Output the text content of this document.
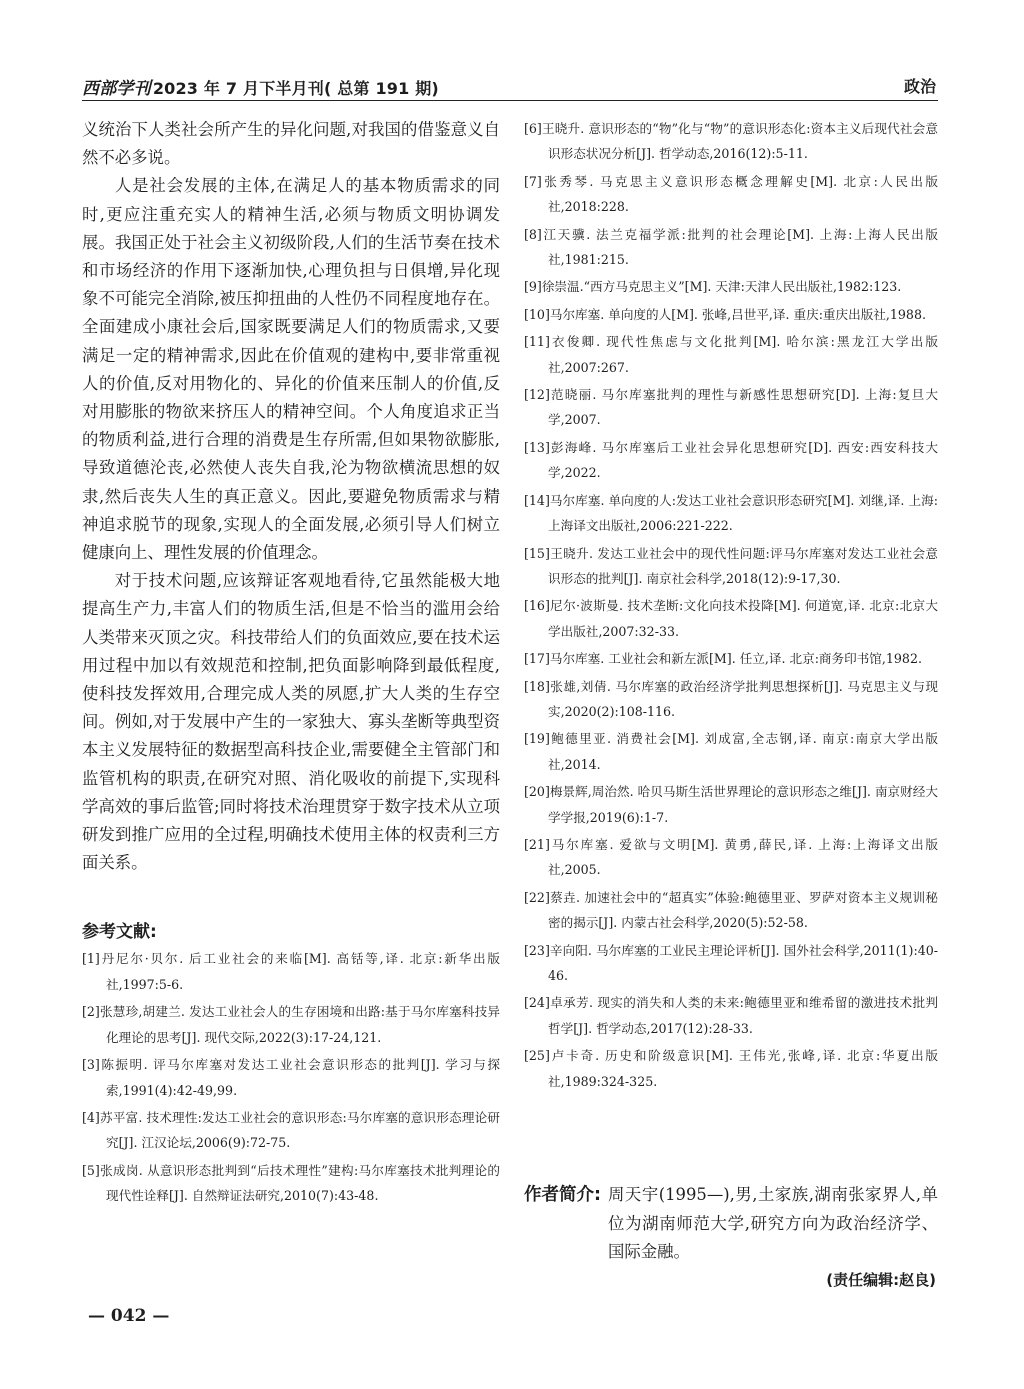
西部学刊 2023 年 7 月下半月刊( 总第 191 期)	政治

义统治下人类社会所产生的异化问题,对我国的借鉴意义自然不必多说。

人是社会发展的主体,在满足人的基本物质需求的同时,更应注重充实人的精神生活,必须与物质文明协调发展。我国正处于社会主义初级阶段,人们的生活节奏在技术和市场经济的作用下逐渐加快,心理负担与日俱增,异化现象不可能完全消除,被压抑扭曲的人性仍不同程度地存在。全面建成小康社会后,国家既要满足人们的物质需求,又要满足一定的精神需求,因此在价值观的建构中,要非常重视人的价值,反对用物化的、异化的价值来压制人的价值,反对用膨胀的物欲来挤压人的精神空间。个人角度追求正当的物质利益,进行合理的消费是生存所需,但如果物欲膨胀,导致道德沦丧,必然使人丧失自我,沦为物欲横流思想的奴隶,然后丧失人生的真正意义。因此,要避免物质需求与精神追求脱节的现象,实现人的全面发展,必须引导人们树立健康向上、理性发展的价值理念。

对于技术问题,应该辩证客观地看待,它虽然能极大地提高生产力,丰富人们的物质生活,但是不恰当的滥用会给人类带来灭顶之灾。科技带给人们的负面效应,要在技术运用过程中加以有效规范和控制,把负面影响降到最低程度,使科技发挥效用,合理完成人类的夙愿,扩大人类的生存空间。例如,对于发展中产生的一家独大、寡头垄断等典型资本主义发展特征的数据型高科技企业,需要健全主管部门和监管机构的职责,在研究对照、消化吸收的前提下,实现科学高效的事后监管;同时将技术治理贯穿于数字技术从立项研发到推广应用的全过程,明确技术使用主体的权责利三方面关系。

参考文献:

[1]丹尼尔·贝尔. 后工业社会的来临[M]. 高铦等,译. 北京:新华出版社,1997:5-6.

[2]张慧珍,胡建兰. 发达工业社会人的生存困境和出路:基于马尔库塞科技异化理论的思考[J]. 现代交际,2022(3):17-24,121.

[3]陈振明. 评马尔库塞对发达工业社会意识形态的批判[J]. 学习与探索,1991(4):42-49,99.

[4]苏平富. 技术理性:发达工业社会的意识形态:马尔库塞的意识形态理论研究[J]. 江汉论坛,2006(9):72-75.

[5]张成岗. 从意识形态批判到“后技术理性”建构:马尔库塞技术批判理论的现代性诠释[J]. 自然辩证法研究,2010(7):43-48.

[6]王晓升. 意识形态的“物”化与“物”的意识形态化:资本主义后现代社会意识形态状况分析[J]. 哲学动态,2016(12):5-11.

[7]张秀琴. 马克思主义意识形态概念理解史[M]. 北京:人民出版社,2018:228.

[8]江天骥. 法兰克福学派:批判的社会理论[M]. 上海:上海人民出版社,1981:215.

[9]徐崇温.“西方马克思主义”[M]. 天津:天津人民出版社,1982:123.

[10]马尔库塞. 单向度的人[M]. 张峰,吕世平,译. 重庆:重庆出版社,1988.

[11]衣俊卿. 现代性焦虑与文化批判[M]. 哈尔滨:黑龙江大学出版社,2007:267.

[12]范晓丽. 马尔库塞批判的理性与新感性思想研究[D]. 上海:复旦大学,2007.

[13]彭海峰. 马尔库塞后工业社会异化思想研究[D]. 西安:西安科技大学,2022.

[14]马尔库塞. 单向度的人:发达工业社会意识形态研究[M]. 刘继,译. 上海:上海译文出版社,2006:221-222.

[15]王晓升. 发达工业社会中的现代性问题:评马尔库塞对发达工业社会意识形态的批判[J]. 南京社会科学,2018(12):9-17,30.

[16]尼尔·波斯曼. 技术垄断:文化向技术投降[M]. 何道宽,译. 北京:北京大学出版社,2007:32-33.

[17]马尔库塞. 工业社会和新左派[M]. 任立,译. 北京:商务印书馆,1982.

[18]张雄,刘倩. 马尔库塞的政治经济学批判思想探析[J]. 马克思主义与现实,2020(2):108-116.

[19]鲍德里亚. 消费社会[M]. 刘成富,全志钢,译. 南京:南京大学出版社,2014.

[20]梅景辉,周治然. 哈贝马斯生活世界理论的意识形态之维[J]. 南京财经大学学报,2019(6):1-7.

[21]马尔库塞. 爱欲与文明[M]. 黄勇,薛民,译. 上海:上海译文出版社,2005.

[22]蔡垚. 加速社会中的“超真实”体验:鲍德里亚、罗萨对资本主义规训秘密的揭示[J]. 内蒙古社会科学,2020(5):52-58.

[23]辛向阳. 马尔库塞的工业民主理论评析[J]. 国外社会科学,2011(1):40-46.

[24]卓承芳. 现实的消失和人类的未来:鲍德里亚和维希留的激进技术批判哲学[J]. 哲学动态,2017(12):28-33.

[25]卢卡奇. 历史和阶级意识[M]. 王伟光,张峰,译. 北京:华夏出版社,1989:324-325.

作者简介: 周天宇(1995—),男,土家族,湖南张家界人,单位为湖南师范大学,研究方向为政治经济学、国际金融。
(责任编辑:赵良)
— 042 —
